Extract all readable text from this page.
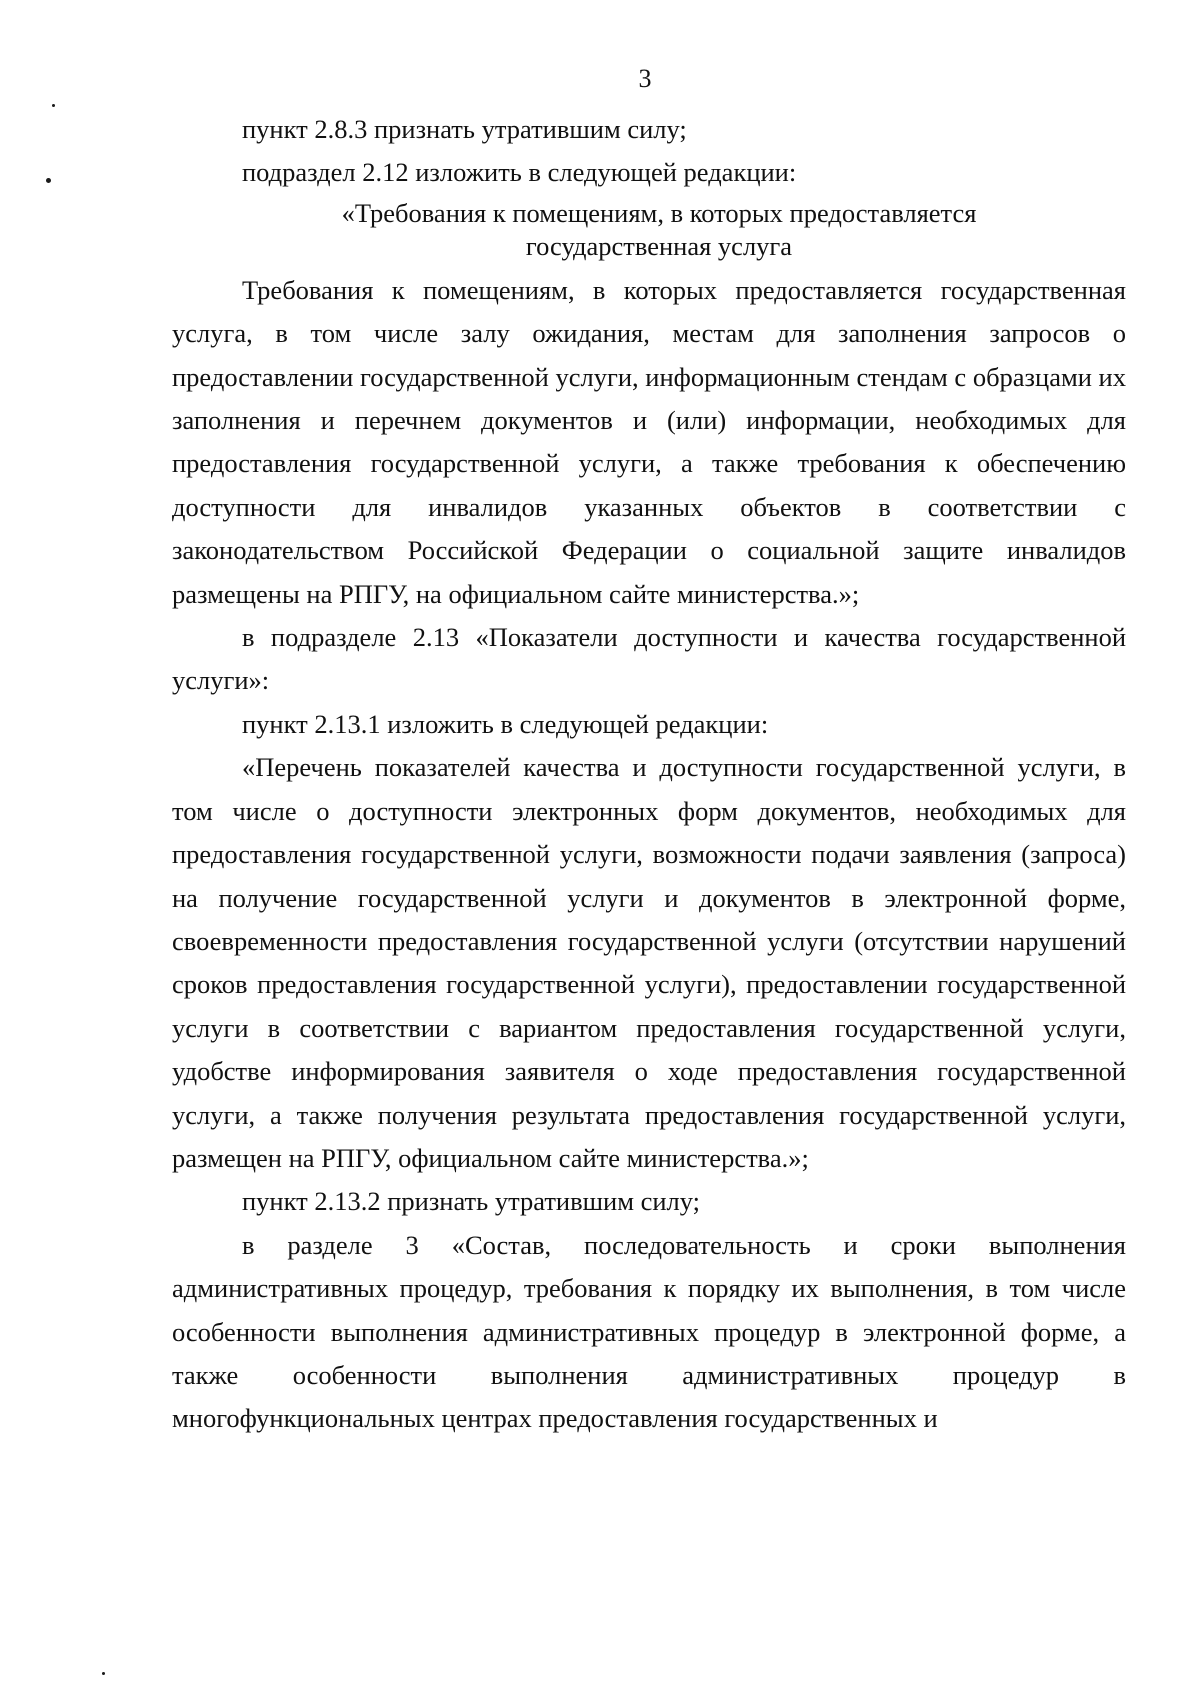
3

пункт 2.8.3 признать утратившим силу;

подраздел 2.12 изложить в следующей редакции:

«Требования к помещениям, в которых предоставляется
государственная услуга

Требования к помещениям, в которых предоставляется государственная услуга, в том числе залу ожидания, местам для заполнения запросов о предоставлении государственной услуги, информационным стендам с образцами их заполнения и перечнем документов и (или) информации, необходимых для предоставления государственной услуги, а также требования к обеспечению доступности для инвалидов указанных объектов в соответствии с законодательством Российской Федерации о социальной защите инвалидов размещены на РПГУ, на официальном сайте министерства.»;

в подразделе 2.13 «Показатели доступности и качества государственной услуги»:

пункт 2.13.1 изложить в следующей редакции:

«Перечень показателей качества и доступности государственной услуги, в том числе о доступности электронных форм документов, необходимых для предоставления государственной услуги, возможности подачи заявления (запроса) на получение государственной услуги и документов в электронной форме, своевременности предоставления государственной услуги (отсутствии нарушений сроков предоставления государственной услуги), предоставлении государственной услуги в соответствии с вариантом предоставления государственной услуги, удобстве информирования заявителя о ходе предоставления государственной услуги, а также получения результата предоставления государственной услуги, размещен на РПГУ, официальном сайте министерства.»;

пункт 2.13.2 признать утратившим силу;

в разделе 3 «Состав, последовательность и сроки выполнения административных процедур, требования к порядку их выполнения, в том числе особенности выполнения административных процедур в электронной форме, а также особенности выполнения административных процедур в многофункциональных центрах предоставления государственных и
